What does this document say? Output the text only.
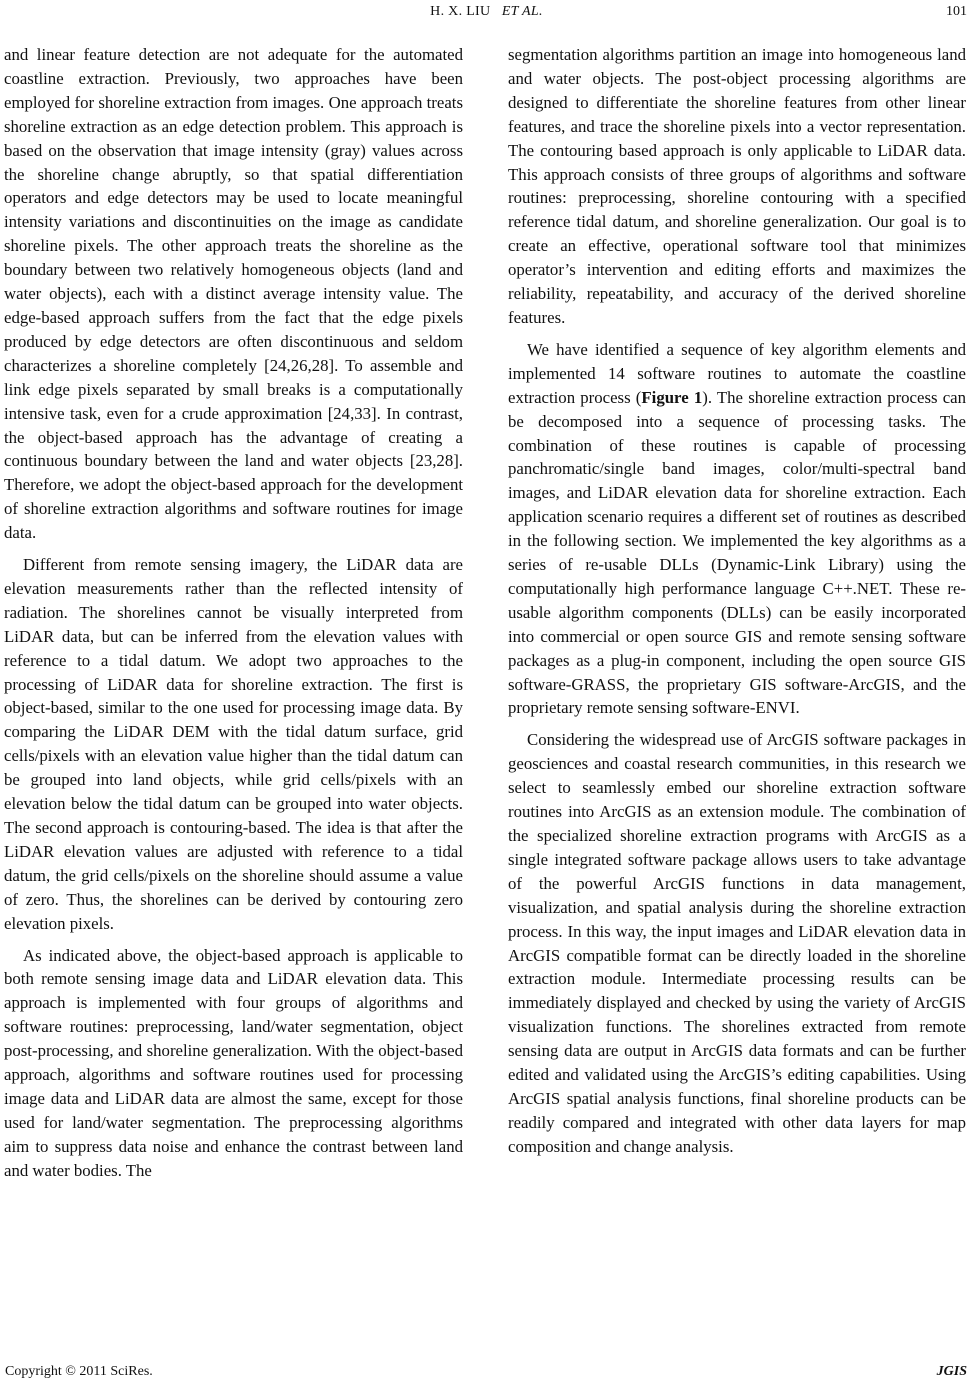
H. X. LIU ET AL.	101

and linear feature detection are not adequate for the automated coastline extraction. Previously, two approaches have been employed for shoreline extraction from images. One approach treats shoreline extraction as an edge detection problem. This approach is based on the observation that image intensity (gray) values across the shoreline change abruptly, so that spatial differentiation operators and edge detectors may be used to locate meaningful intensity variations and discontinuities on the image as candidate shoreline pixels. The other approach treats the shoreline as the boundary between two relatively homogeneous objects (land and water objects), each with a distinct average intensity value. The edge-based approach suffers from the fact that the edge pixels produced by edge detectors are often discontinuous and seldom characterizes a shoreline completely [24,26,28]. To assemble and link edge pixels separated by small breaks is a computationally intensive task, even for a crude approximation [24,33]. In contrast, the object-based approach has the advantage of creating a continuous boundary between the land and water objects [23,28]. Therefore, we adopt the object-based approach for the development of shoreline extraction algorithms and software routines for image data.

Different from remote sensing imagery, the LiDAR data are elevation measurements rather than the reflected intensity of radiation. The shorelines cannot be visually interpreted from LiDAR data, but can be inferred from the elevation values with reference to a tidal datum. We adopt two approaches to the processing of LiDAR data for shoreline extraction. The first is object-based, similar to the one used for processing image data. By comparing the LiDAR DEM with the tidal datum surface, grid cells/pixels with an elevation value higher than the tidal datum can be grouped into land objects, while grid cells/pixels with an elevation below the tidal datum can be grouped into water objects. The second approach is contouring-based. The idea is that after the LiDAR elevation values are adjusted with reference to a tidal datum, the grid cells/pixels on the shoreline should assume a value of zero. Thus, the shorelines can be derived by contouring zero elevation pixels.

As indicated above, the object-based approach is applicable to both remote sensing image data and LiDAR elevation data. This approach is implemented with four groups of algorithms and software routines: preprocessing, land/water segmentation, object post-processing, and shoreline generalization. With the object-based approach, algorithms and software routines used for processing image data and LiDAR data are almost the same, except for those used for land/water segmentation. The preprocessing algorithms aim to suppress data noise and enhance the contrast between land and water bodies. The

segmentation algorithms partition an image into homogeneous land and water objects. The post-object processing algorithms are designed to differentiate the shoreline features from other linear features, and trace the shoreline pixels into a vector representation. The contouring based approach is only applicable to LiDAR data. This approach consists of three groups of algorithms and software routines: preprocessing, shoreline contouring with a specified reference tidal datum, and shoreline generalization. Our goal is to create an effective, operational software tool that minimizes operator’s intervention and editing efforts and maximizes the reliability, repeatability, and accuracy of the derived shoreline features.

We have identified a sequence of key algorithm elements and implemented 14 software routines to automate the coastline extraction process (Figure 1). The shoreline extraction process can be decomposed into a sequence of processing tasks. The combination of these routines is capable of processing panchromatic/single band images, color/multi-spectral band images, and LiDAR elevation data for shoreline extraction. Each application scenario requires a different set of routines as described in the following section. We implemented the key algorithms as a series of re-usable DLLs (Dynamic-Link Library) using the computationally high performance language C++.NET. These re-usable algorithm components (DLLs) can be easily incorporated into commercial or open source GIS and remote sensing software packages as a plug-in component, including the open source GIS software-GRASS, the proprietary GIS software-ArcGIS, and the proprietary remote sensing software-ENVI.

Considering the widespread use of ArcGIS software packages in geosciences and coastal research communities, in this research we select to seamlessly embed our shoreline extraction software routines into ArcGIS as an extension module. The combination of the specialized shoreline extraction programs with ArcGIS as a single integrated software package allows users to take advantage of the powerful ArcGIS functions in data management, visualization, and spatial analysis during the shoreline extraction process. In this way, the input images and LiDAR elevation data in ArcGIS compatible format can be directly loaded in the shoreline extraction module. Intermediate processing results can be immediately displayed and checked by using the variety of ArcGIS visualization functions. The shorelines extracted from remote sensing data are output in ArcGIS data formats and can be further edited and validated using the ArcGIS’s editing capabilities. Using ArcGIS spatial analysis functions, final shoreline products can be readily compared and integrated with other data layers for map composition and change analysis.

Copyright © 2011 SciRes.	JGIS
